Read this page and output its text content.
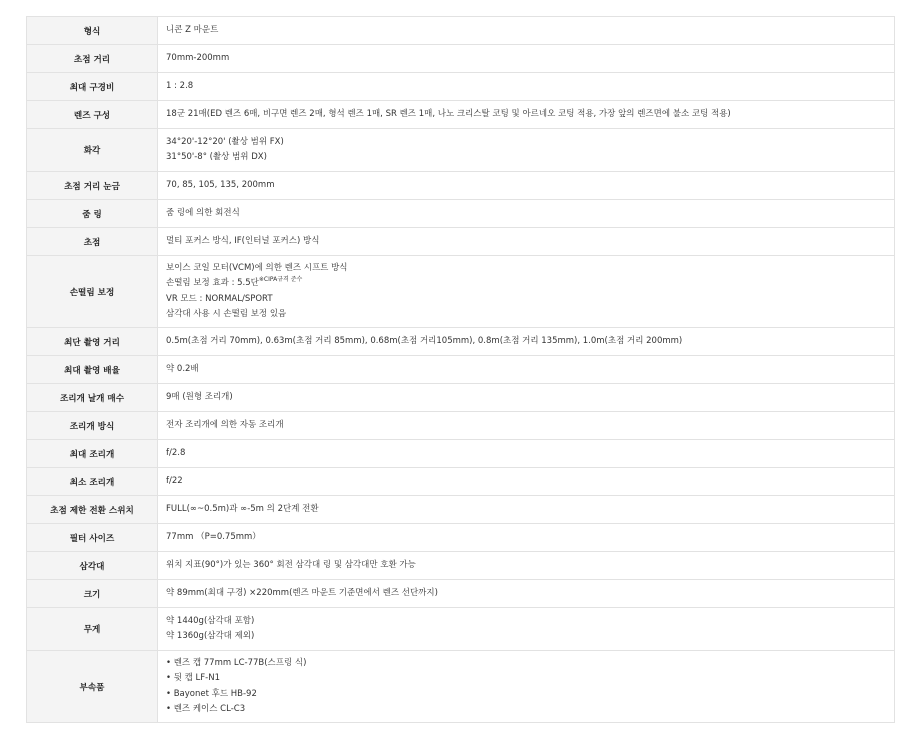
형식	니콘 Z 마운트

초점 거리	70mm-200mm

최대 구경비	1 : 2.8

렌즈 구성	18군 21매(ED 렌즈 6매, 비구면 렌즈 2매, 형석 렌즈 1매, SR 렌즈 1매, 나노 크리스탈 코팅 및 아르네오 코팅 적용, 가장 앞의 렌즈면에 불소 코팅 적용)

화각	34°20'-12°20' (촬상 범위 FX)
31°50'-8° (촬상 범위 DX)

초점 거리 눈금	70, 85, 105, 135, 200mm

줌 링	줌 링에 의한 회전식

초점	멀티 포커스 방식, IF(인터널 포커스) 방식

손떨림 보정	보이스 코일 모터(VCM)에 의한 렌즈 시프트 방식
손떨림 보정 효과 : 5.5단$^{※CIPA규격 준수}$
VR 모드 : NORMAL/SPORT
삼각대 사용 시 손떨림 보정 있음

최단 촬영 거리	0.5m(초점 거리 70mm), 0.63m(초점 거리 85mm), 0.68m(초점 거리105mm), 0.8m(초점 거리 135mm), 1.0m(초점 거리 200mm)

최대 촬영 배율	약 0.2배

조리개 날개 매수	9매 (원형 조리개)

조리개 방식	전자 조리개에 의한 자동 조리개

최대 조리개	f/2.8

최소 조리개	f/22

초점 제한 전환 스위치	FULL(∞~0.5m)과 ∞-5m 의 2단계 전환

필터 사이즈	77mm （P=0.75mm）

삼각대	위치 지표(90°)가 있는 360° 회전 삼각대 링 및 삼각대만 호환 가능

크기	약 89mm(최대 구경) ×220mm(렌즈 마운트 기준면에서 렌즈 선단까지)

무게	약 1440g(삼각대 포함)
약 1360g(삼각대 제외)

부속품	• 렌즈 캡 77mm LC-77B(스프링 식)
• 뒷 캡 LF-N1
• Bayonet 후드 HB-92
• 렌즈 케이스 CL-C3
